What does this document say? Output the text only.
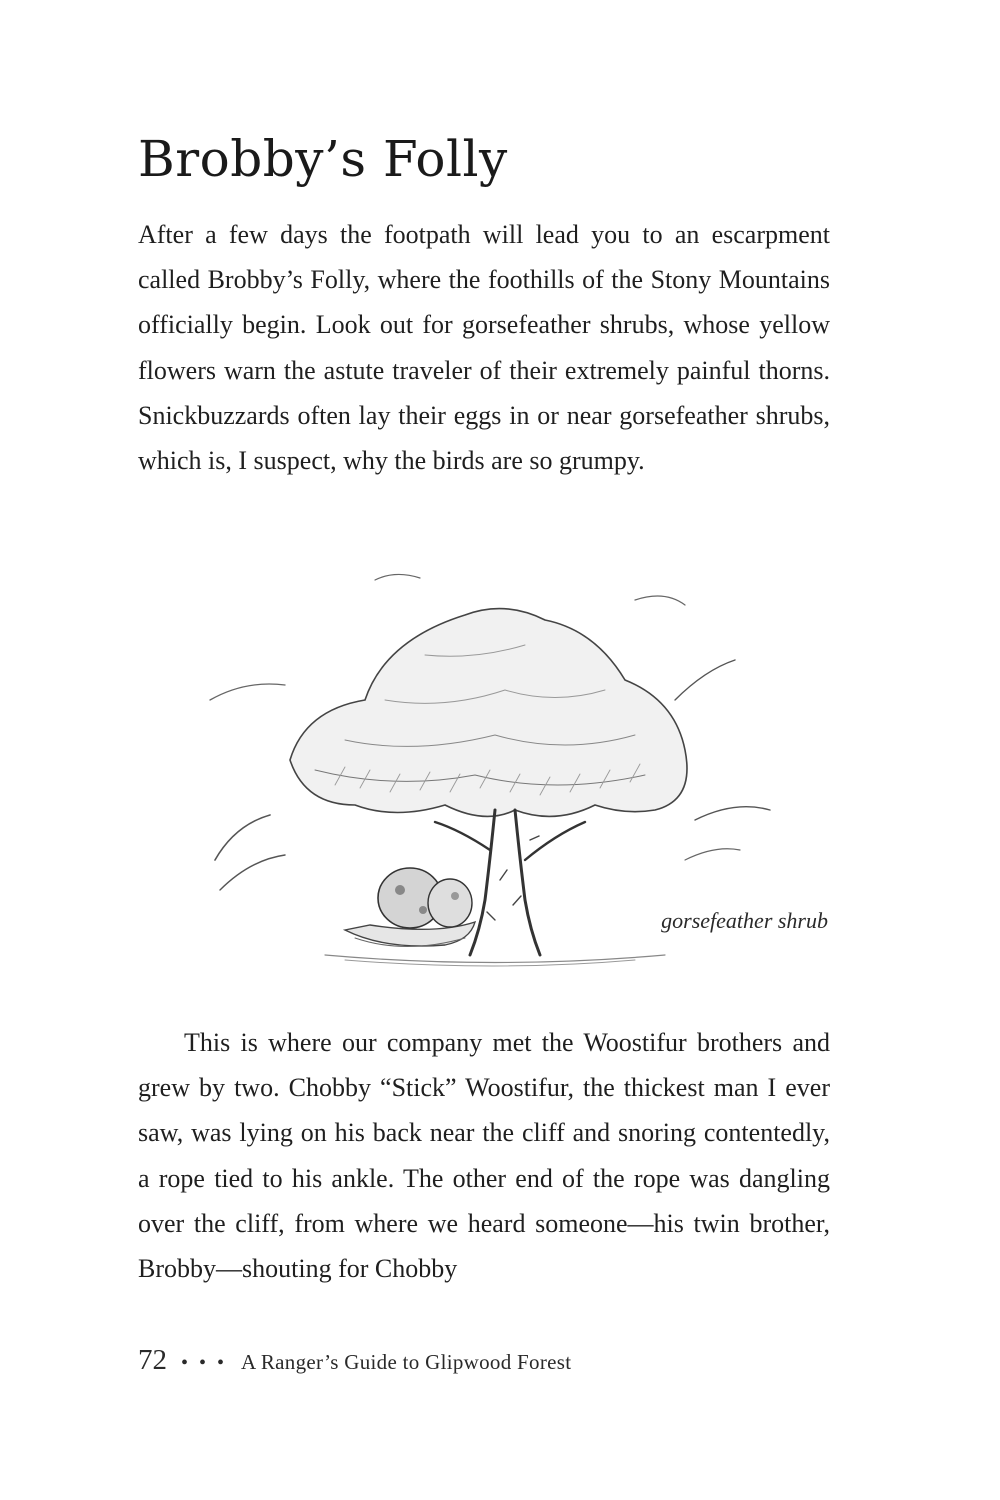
Brobby’s Folly

After a few days the footpath will lead you to an escarpment called Brobby’s Folly, where the foothills of the Stony Mountains officially begin. Look out for gorsefeather shrubs, whose yellow flowers warn the astute traveler of their extremely painful thorns. Snickbuzzards often lay their eggs in or near gorsefeather shrubs, which is, I suspect, why the birds are so grumpy.

gorsefeather shrub

This is where our company met the Woostifur brothers and grew by two. Chobby “Stick” Woostifur, the thickest man I ever saw, was lying on his back near the cliff and snoring contentedly, a rope tied to his ankle. The other end of the rope was dangling over the cliff, from where we heard someone—his twin brother, Brobby—shouting for Chobby

72 • • • A Ranger’s Guide to Glipwood Forest
